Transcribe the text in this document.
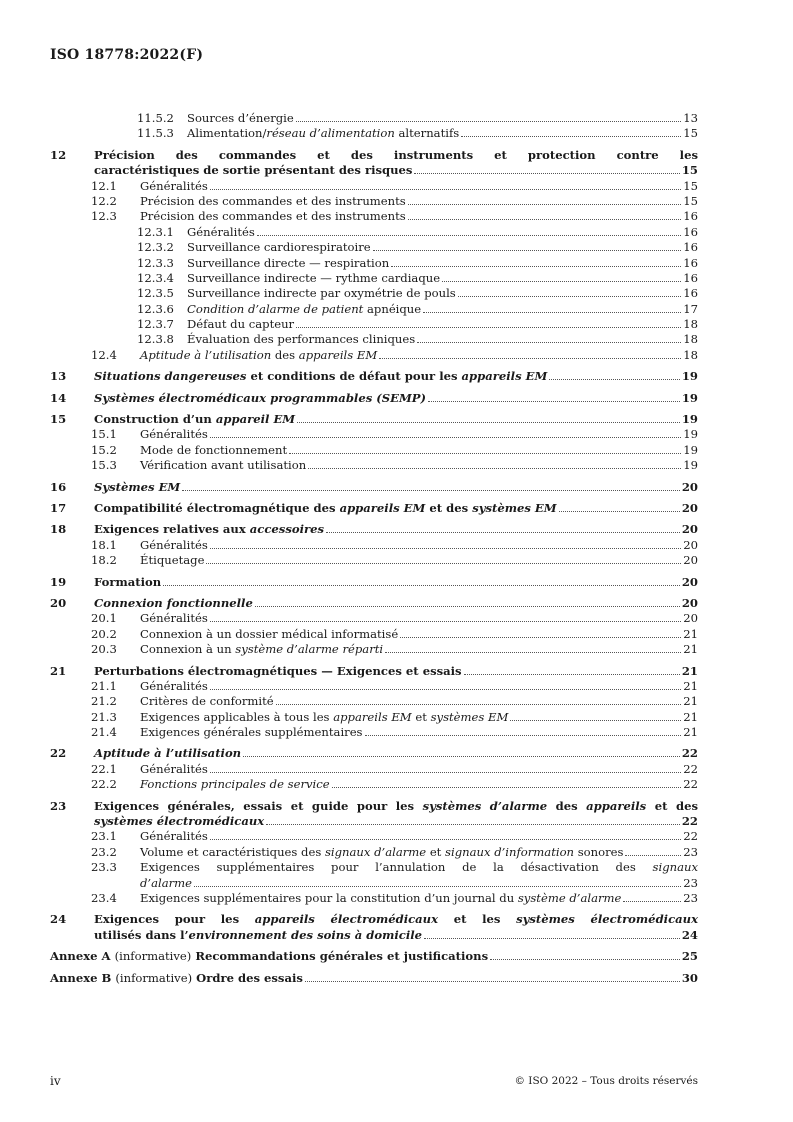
ISO 18778:2022(F)
11.5.2 Sources d’énergie	13
11.5.3 Alimentation/réseau d’alimentation alternatifs	15
12 Précision des commandes et des instruments et protection contre les
caractéristiques de sortie présentant des risques	15
12.1 Généralités	15
12.2 Précision des commandes et des instruments	15
12.3 Précision des commandes et des instruments	16
12.3.1 Généralités	16
12.3.2 Surveillance cardiorespiratoire	16
12.3.3 Surveillance directe — respiration	16
12.3.4 Surveillance indirecte — rythme cardiaque	16
12.3.5 Surveillance indirecte par oxymétrie de pouls	16
12.3.6 Condition d’alarme de patient apnéique	17
12.3.7 Défaut du capteur	18
12.3.8 Évaluation des performances cliniques	18
12.4 Aptitude à l’utilisation des appareils EM	18
13 Situations dangereuses et conditions de défaut pour les appareils EM	19
14 Systèmes électromédicaux programmables (SEMP)	19
15 Construction d’un appareil EM	19
15.1 Généralités	19
15.2 Mode de fonctionnement	19
15.3 Vérification avant utilisation	19
16 Systèmes EM	20
17 Compatibilité électromagnétique des appareils EM et des systèmes EM	20
18 Exigences relatives aux accessoires	20
18.1 Généralités	20
18.2 Étiquetage	20
19 Formation	20
20 Connexion fonctionnelle	20
20.1 Généralités	20
20.2 Connexion à un dossier médical informatisé	21
20.3 Connexion à un système d’alarme réparti	21
21 Perturbations électromagnétiques — Exigences et essais	21
21.1 Généralités	21
21.2 Critères de conformité	21
21.3 Exigences applicables à tous les appareils EM et systèmes EM	21
21.4 Exigences générales supplémentaires	21
22 Aptitude à l’utilisation	22
22.1 Généralités	22
22.2 Fonctions principales de service	22
23 Exigences générales, essais et guide pour les systèmes d’alarme des appareils et des
systèmes électromédicaux	22
23.1 Généralités	22
23.2 Volume et caractéristiques des signaux d’alarme et signaux d’information sonores	23
23.3 Exigences supplémentaires pour l’annulation de la désactivation des signaux
d’alarme	23
23.4 Exigences supplémentaires pour la constitution d’un journal du système d’alarme	23
24 Exigences pour les appareils électromédicaux et les systèmes électromédicaux
utilisés dans l’environnement des soins à domicile	24
Annexe A (informative) Recommandations générales et justifications	25
Annexe B (informative) Ordre des essais	30
iv	© ISO 2022 – Tous droits réservés
